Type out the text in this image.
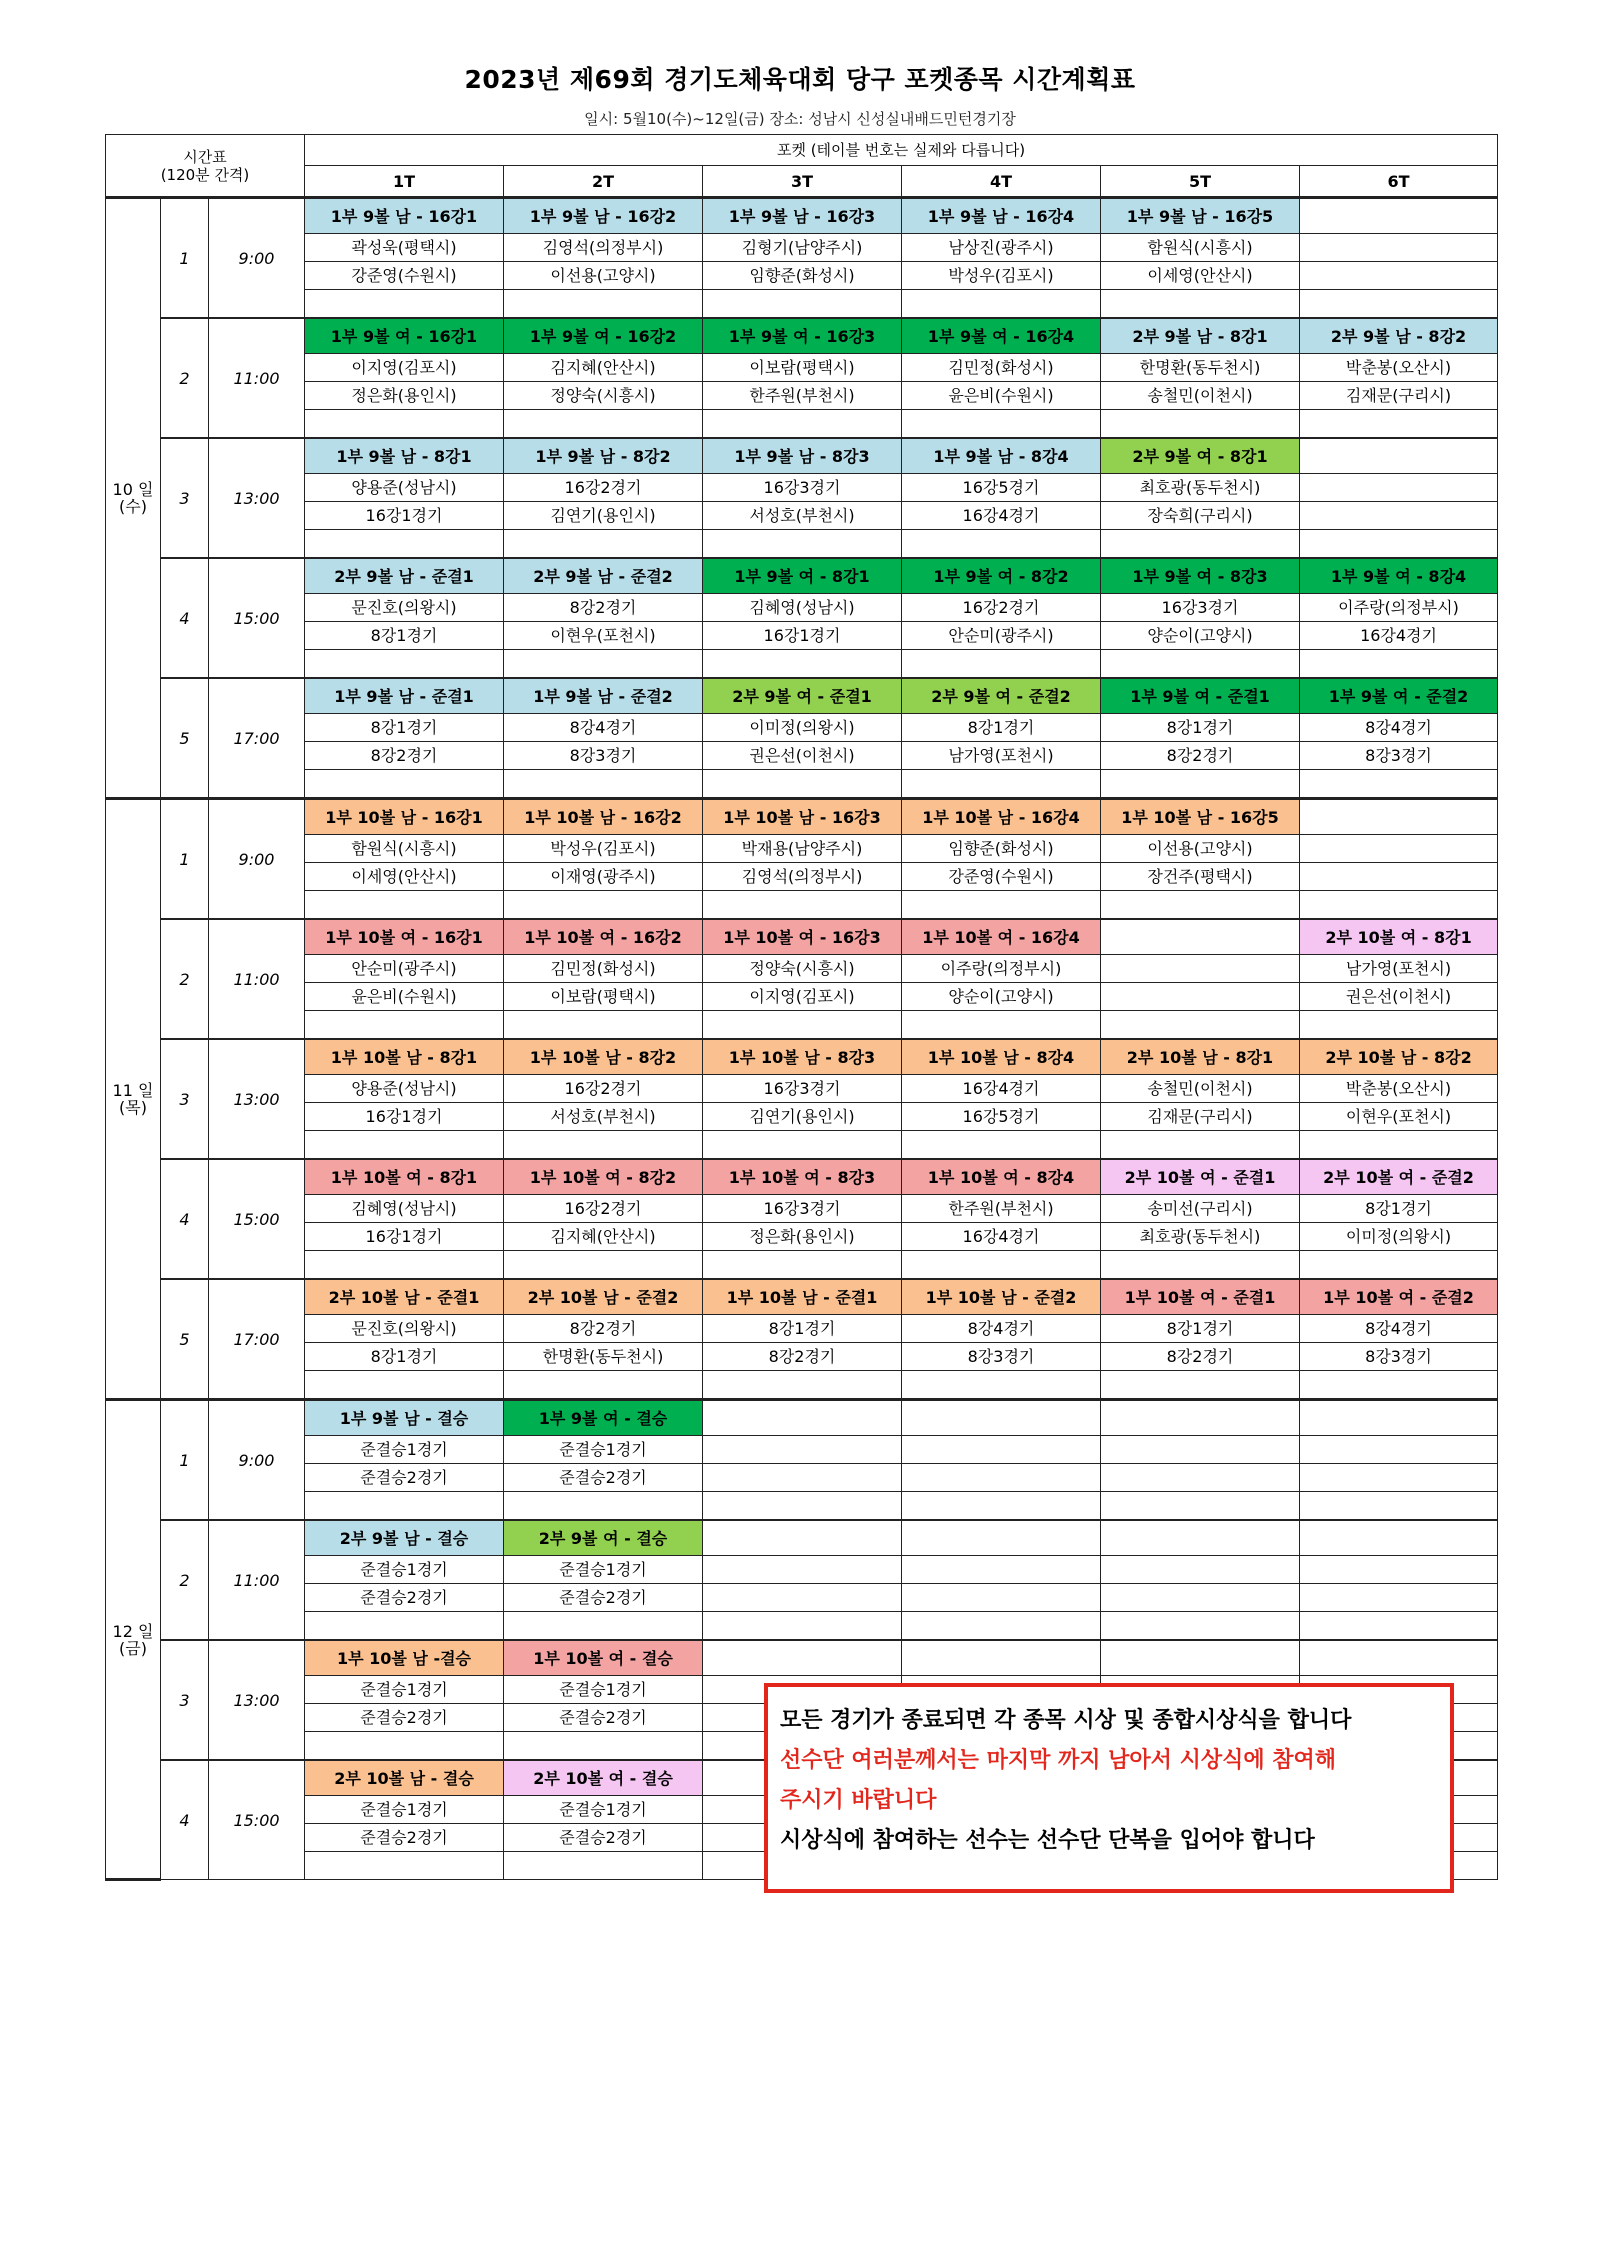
2023년 제69회 경기도체육대회 당구 포켓종목 시간계획표
일시: 5월10(수)~12일(금) 장소: 성남시 신성실내배드민턴경기장
시간표
(120분 간격)			포켓 (테이블 번호는 실제와 다릅니다)					
			1T	2T	3T	4T	5T	6T
10 일 (수)	1	9:00	1부 9볼 남 - 16강1	1부 9볼 남 - 16강2	1부 9볼 남 - 16강3	1부 9볼 남 - 16강4	1부 9볼 남 - 16강5	
			곽성욱(평택시)	김영석(의정부시)	김형기(남양주시)	남상진(광주시)	함원식(시흥시)	
			강준영(수원시)	이선용(고양시)	임향준(화성시)	박성우(김포시)	이세영(안산시)	

	2	11:00	1부 9볼 여 - 16강1	1부 9볼 여 - 16강2	1부 9볼 여 - 16강3	1부 9볼 여 - 16강4	2부 9볼 남 - 8강1	2부 9볼 남 - 8강2
			이지영(김포시)	김지혜(안산시)	이보람(평택시)	김민정(화성시)	한명환(동두천시)	박춘봉(오산시)
			정은화(용인시)	정양숙(시흥시)	한주원(부천시)	윤은비(수원시)	송철민(이천시)	김재문(구리시)

	3	13:00	1부 9볼 남 - 8강1	1부 9볼 남 - 8강2	1부 9볼 남 - 8강3	1부 9볼 남 - 8강4	2부 9볼 여 - 8강1	
			양용준(성남시)	16강2경기	16강3경기	16강5경기	최호광(동두천시)	
			16강1경기	김연기(용인시)	서성호(부천시)	16강4경기	장숙희(구리시)	

	4	15:00	2부 9볼 남 - 준결1	2부 9볼 남 - 준결2	1부 9볼 여 - 8강1	1부 9볼 여 - 8강2	1부 9볼 여 - 8강3	1부 9볼 여 - 8강4
			문진호(의왕시)	8강2경기	김혜영(성남시)	16강2경기	16강3경기	이주랑(의정부시)
			8강1경기	이현우(포천시)	16강1경기	안순미(광주시)	양순이(고양시)	16강4경기

	5	17:00	1부 9볼 남 - 준결1	1부 9볼 남 - 준결2	2부 9볼 여 - 준결1	2부 9볼 여 - 준결2	1부 9볼 여 - 준결1	1부 9볼 여 - 준결2
			8강1경기	8강4경기	이미정(의왕시)	8강1경기	8강1경기	8강4경기
			8강2경기	8강3경기	권은선(이천시)	남가영(포천시)	8강2경기	8강3경기

11 일 (목)	1	9:00	1부 10볼 남 - 16강1	1부 10볼 남 - 16강2	1부 10볼 남 - 16강3	1부 10볼 남 - 16강4	1부 10볼 남 - 16강5	
			함원식(시흥시)	박성우(김포시)	박재용(남양주시)	임향준(화성시)	이선용(고양시)	
			이세영(안산시)	이재영(광주시)	김영석(의정부시)	강준영(수원시)	장건주(평택시)	

	2	11:00	1부 10볼 여 - 16강1	1부 10볼 여 - 16강2	1부 10볼 여 - 16강3	1부 10볼 여 - 16강4		2부 10볼 여 - 8강1
			안순미(광주시)	김민정(화성시)	정양숙(시흥시)	이주랑(의정부시)		남가영(포천시)
			윤은비(수원시)	이보람(평택시)	이지영(김포시)	양순이(고양시)		권은선(이천시)

	3	13:00	1부 10볼 남 - 8강1	1부 10볼 남 - 8강2	1부 10볼 남 - 8강3	1부 10볼 남 - 8강4	2부 10볼 남 - 8강1	2부 10볼 남 - 8강2
			양용준(성남시)	16강2경기	16강3경기	16강4경기	송철민(이천시)	박춘봉(오산시)
			16강1경기	서성호(부천시)	김연기(용인시)	16강5경기	김재문(구리시)	이현우(포천시)

	4	15:00	1부 10볼 여 - 8강1	1부 10볼 여 - 8강2	1부 10볼 여 - 8강3	1부 10볼 여 - 8강4	2부 10볼 여 - 준결1	2부 10볼 여 - 준결2
			김혜영(성남시)	16강2경기	16강3경기	한주원(부천시)	송미선(구리시)	8강1경기
			16강1경기	김지혜(안산시)	정은화(용인시)	16강4경기	최호광(동두천시)	이미정(의왕시)

	5	17:00	2부 10볼 남 - 준결1	2부 10볼 남 - 준결2	1부 10볼 남 - 준결1	1부 10볼 남 - 준결2	1부 10볼 여 - 준결1	1부 10볼 여 - 준결2
			문진호(의왕시)	8강2경기	8강1경기	8강4경기	8강1경기	8강4경기
			8강1경기	한명환(동두천시)	8강2경기	8강3경기	8강2경기	8강3경기

12 일 (금)	1	9:00	1부 9볼 남 - 결승	1부 9볼 여 - 결승				
			준결승1경기	준결승1경기				
			준결승2경기	준결승2경기				

	2	11:00	2부 9볼 남 - 결승	2부 9볼 여 - 결승				
			준결승1경기	준결승1경기				
			준결승2경기	준결승2경기				

	3	13:00	1부 10볼 남 -결승	1부 10볼 여 - 결승				
			준결승1경기	준결승1경기				
			준결승2경기	준결승2경기				

	4	15:00	2부 10볼 남 - 결승	2부 10볼 여 - 결승				
			준결승1경기	준결승1경기				
			준결승2경기	준결승2경기				

모든 경기가 종료되면 각 종목 시상 및 종합시상식을 합니다
선수단 여러분께서는 마지막 까지 남아서 시상식에 참여해
주시기 바랍니다
시상식에 참여하는 선수는 선수단 단복을 입어야 합니다
